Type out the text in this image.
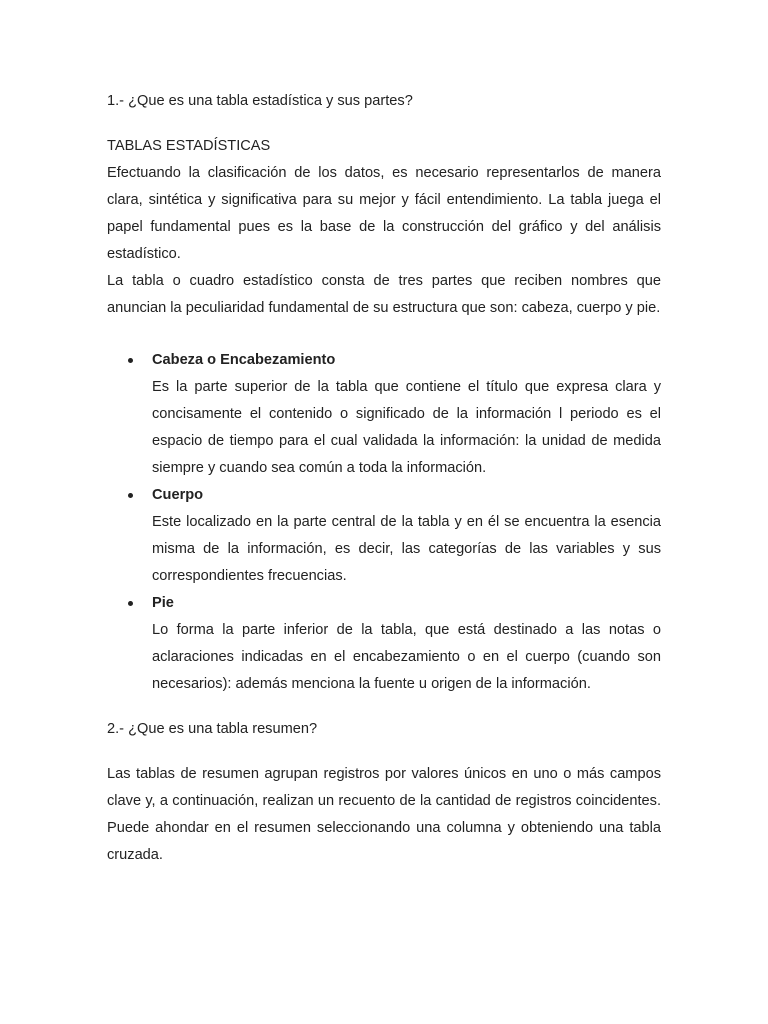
1.- ¿Que es una tabla estadística y sus partes?

TABLAS ESTADÍSTICAS

Efectuando la clasificación de los datos, es necesario representarlos de manera clara, sintética y significativa para su mejor y fácil entendimiento. La tabla juega el papel fundamental pues es la base de la construcción del gráfico y del análisis estadístico.

La tabla o cuadro estadístico consta de tres partes que reciben nombres que anuncian la peculiaridad fundamental de su estructura que son: cabeza, cuerpo y pie.

Cabeza o Encabezamiento

Es la parte superior de la tabla que contiene el título que expresa clara y concisamente el contenido o significado de la información l periodo es el espacio de tiempo para el cual validada la información: la unidad de medida siempre y cuando sea común a toda la información.

Cuerpo

Este localizado en la parte central de la tabla y en él se encuentra la esencia misma de la información, es decir, las categorías de las variables y sus correspondientes frecuencias.

Pie

Lo forma la parte inferior de la tabla, que está destinado a las notas o aclaraciones indicadas en el encabezamiento o en el cuerpo (cuando son necesarios): además menciona la fuente u origen de la información.

2.- ¿Que es una tabla resumen?

Las tablas de resumen agrupan registros por valores únicos en uno o más campos clave y, a continuación, realizan un recuento de la cantidad de registros coincidentes. Puede ahondar en el resumen seleccionando una columna y obteniendo una tabla cruzada.
